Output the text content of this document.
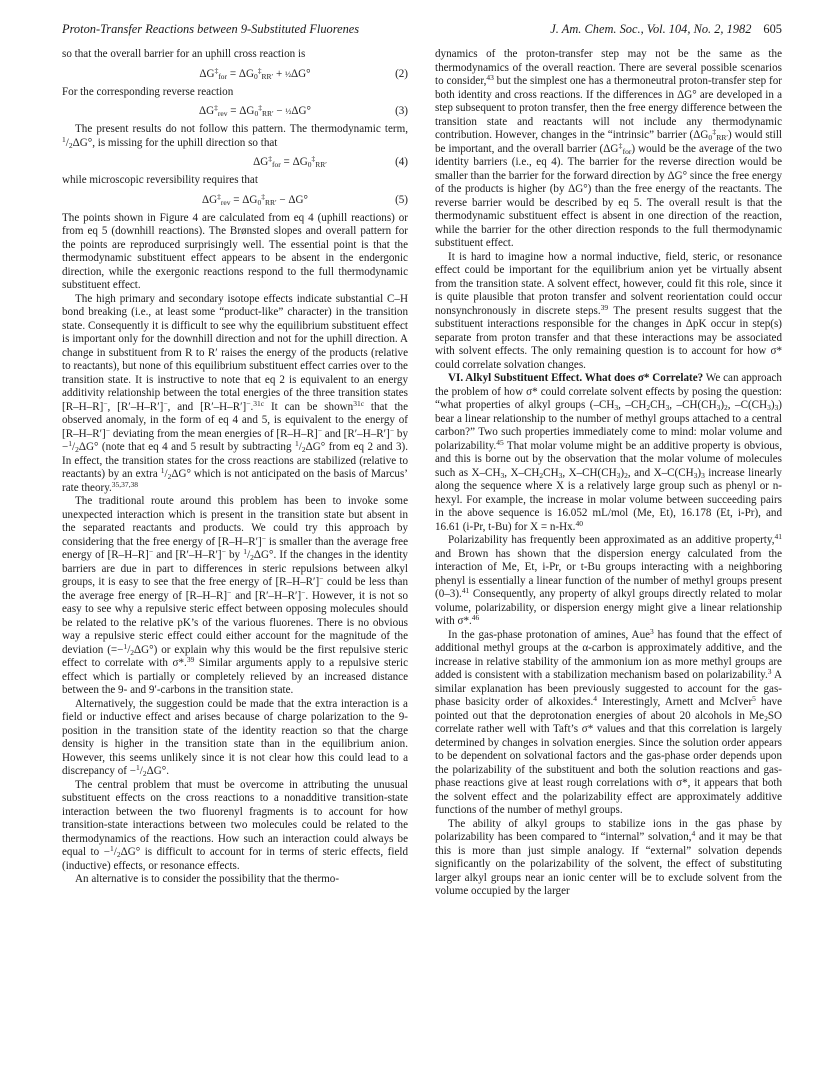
Proton-Transfer Reactions between 9-Substituted Fluorenes	J. Am. Chem. Soc., Vol. 104, No. 2, 1982 605

so that the overall barrier for an uphill cross reaction is

$\Delta G^\ddagger_{for} = \Delta G_0^\ddagger_{RR'}$ + ½ΔG°	(2)

For the corresponding reverse reaction

$\Delta G^\ddagger_{rev} = \Delta G_0^\ddagger_{RR'}$ − ½ΔG°	(3)

The present results do not follow this pattern. The thermodynamic term, $^1/_2\Delta G^\circ$, is missing for the uphill direction so that

$\Delta G^\ddagger_{for} = \Delta G_0^\ddagger_{RR'}$	(4)

while microscopic reversibility requires that

$\Delta G^\ddagger_{rev} = \Delta G_0^\ddagger_{RR'} - \Delta G^\circ$	(5)

The points shown in Figure 4 are calculated from eq 4 (uphill reactions) or from eq 5 (downhill reactions). The Brønsted slopes and overall pattern for the points are reproduced surprisingly well. The essential point is that the thermodynamic substituent effect appears to be absent in the endergonic direction, while the exergonic reactions respond to the full thermodynamic substituent effect.

The high primary and secondary isotope effects indicate substantial C–H bond breaking (i.e., at least some “product-like” character) in the transition state. Consequently it is difficult to see why the equilibrium substituent effect is important only for the downhill direction and not for the uphill direction. A change in substituent from R to R′ raises the energy of the products (relative to reactants), but none of this equilibrium substituent effect carries over to the transition state. It is instructive to note that eq 2 is equivalent to an energy additivity relationship between the total energies of the three transition states [R–H–R]−, [R′–H–R′]−, and [R′–H–R′]−.$^{31c}$ It can be shown$^{31c}$ that the observed anomaly, in the form of eq 4 and 5, is equivalent to the energy of [R–H–R′]− deviating from the mean energies of [R–H–R]− and [R′–H–R′]− by $-^1/_2\Delta G^\circ$ (note that eq 4 and 5 result by subtracting $^1/_2\Delta G^\circ$ from eq 2 and 3). In effect, the transition states for the cross reactions are stabilized (relative to reactants) by an extra $^1/_2\Delta G^\circ$ which is not anticipated on the basis of Marcus’ rate theory.$^{35,37,38}$

The traditional route around this problem has been to invoke some unexpected interaction which is present in the transition state but absent in the separated reactants and products. We could try this approach by considering that the free energy of [R–H–R′]− is smaller than the average free energy of [R–H–R]− and [R′–H–R′]− by $^1/_2\Delta G^\circ$. If the changes in the identity barriers are due in part to differences in steric repulsions between alkyl groups, it is easy to see that the free energy of [R–H–R′]− could be less than the average free energy of [R–H–R]− and [R′–H–R′]−. However, it is not so easy to see why a repulsive steric effect between opposing molecules should be related to the relative pK’s of the various fluorenes. There is no obvious way a repulsive steric effect could either account for the magnitude of the deviation $(=-^1/_2\Delta G^\circ)$ or explain why this would be the first repulsive steric effect to correlate with σ*.$^{39}$ Similar arguments apply to a repulsive steric effect which is partially or completely relieved by an increased distance between the 9- and 9′-carbons in the transition state.

Alternatively, the suggestion could be made that the extra interaction is a field or inductive effect and arises because of charge polarization to the 9-position in the transition state of the identity reaction so that the charge density is higher in the transition state than in the equilibrium anion. However, this seems unlikely since it is not clear how this could lead to a discrepancy of $-^1/_2\Delta G^\circ$.

The central problem that must be overcome in attributing the unusual substituent effects on the cross reactions to a nonadditive transition-state interaction between the two fluorenyl fragments is to account for how transition-state interactions between two molecules could be related to the thermodynamics of the reactions. How such an interaction could always be equal to $-^1/_2\Delta G^\circ$ is difficult to account for in terms of steric effects, field (inductive) effects, or resonance effects.

An alternative is to consider the possibility that the thermo-

dynamics of the proton-transfer step may not be the same as the thermodynamics of the overall reaction. There are several possible scenarios to consider,$^{43}$ but the simplest one has a thermoneutral proton-transfer step for both identity and cross reactions. If the differences in ΔG° are developed in a step subsequent to proton transfer, then the free energy difference between the transition state and reactants will not include any thermodynamic contribution. However, changes in the “intrinsic” barrier $(\Delta G_0^\ddagger_{RR'})$ would still be important, and the overall barrier $(\Delta G^\ddagger_{for})$ would be the average of the two identity barriers (i.e., eq 4). The barrier for the reverse direction would be smaller than the barrier for the forward direction by ΔG° since the free energy of the products is higher (by ΔG°) than the free energy of the reactants. The reverse barrier would be described by eq 5. The overall result is that the thermodynamic substituent effect is absent in one direction of the reaction, while the barrier for the other direction responds to the full thermodynamic substituent effect.

It is hard to imagine how a normal inductive, field, steric, or resonance effect could be important for the equilibrium anion yet be virtually absent from the transition state. A solvent effect, however, could fit this role, since it is quite plausible that proton transfer and solvent reorientation could occur nonsynchronously in discrete steps.$^{39}$ The present results suggest that the substituent interactions responsible for the changes in ΔpK occur in step(s) separate from proton transfer and that these interactions may be associated with solvent effects. The only remaining question is to account for how σ* could correlate solvation changes.

VI. Alkyl Substituent Effect. What does σ* Correlate? We can approach the problem of how σ* could correlate solvent effects by posing the question: “what properties of alkyl groups ($-CH_3$, $-CH_2CH_3$, $-CH(CH_3)_2$, $-C(CH_3)_3$) bear a linear relationship to the number of methyl groups attached to a central carbon?” Two such properties immediately come to mind: molar volume and polarizability.$^{45}$ That molar volume might be an additive property is obvious, and this is borne out by the observation that the molar volume of molecules such as $X-CH_3$, $X-CH_2CH_3$, $X-CH(CH_3)_2$, and $X-C(CH_3)_3$ increase linearly along the sequence where X is a relatively large group such as phenyl or n-hexyl. For example, the increase in molar volume between succeeding pairs in the above sequence is 16.052 mL/mol (Me, Et), 16.178 (Et, i-Pr), and 16.61 (i-Pr, t-Bu) for X = n-Hx.$^{40}$

Polarizability has frequently been approximated as an additive property,$^{41}$ and Brown has shown that the dispersion energy calculated from the interaction of Me, Et, i-Pr, or t-Bu groups interacting with a neighboring phenyl is essentially a linear function of the number of methyl groups present (0–3).$^{41}$ Consequently, any property of alkyl groups directly related to molar volume, polarizability, or dispersion energy might give a linear relationship with σ*.$^{46}$

In the gas-phase protonation of amines, Aue$^3$ has found that the effect of additional methyl groups at the α-carbon is approximately additive, and the increase in relative stability of the ammonium ion as more methyl groups are added is consistent with a stabilization mechanism based on polarizability.$^3$ A similar explanation has been previously suggested to account for the gas-phase basicity order of alkoxides.$^4$ Interestingly, Arnett and McIver$^5$ have pointed out that the deprotonation energies of about 20 alcohols in $Me_2SO$ correlate rather well with Taft’s σ* values and that this correlation is largely determined by changes in solvation energies. Since the solution order appears to be dependent on solvational factors and the gas-phase order depends upon the polarizability of the substituent and both the solution reactions and gas-phase reactions give at least rough correlations with σ*, it appears that both the solvent effect and the polarizability effect are approximately additive functions of the number of methyl groups.

The ability of alkyl groups to stabilize ions in the gas phase by polarizability has been compared to “internal” solvation,$^4$ and it may be that this is more than just simple analogy. If “external” solvation depends significantly on the polarizability of the solvent, the effect of substituting larger alkyl groups near an ionic center will be to exclude solvent from the volume occupied by the larger
